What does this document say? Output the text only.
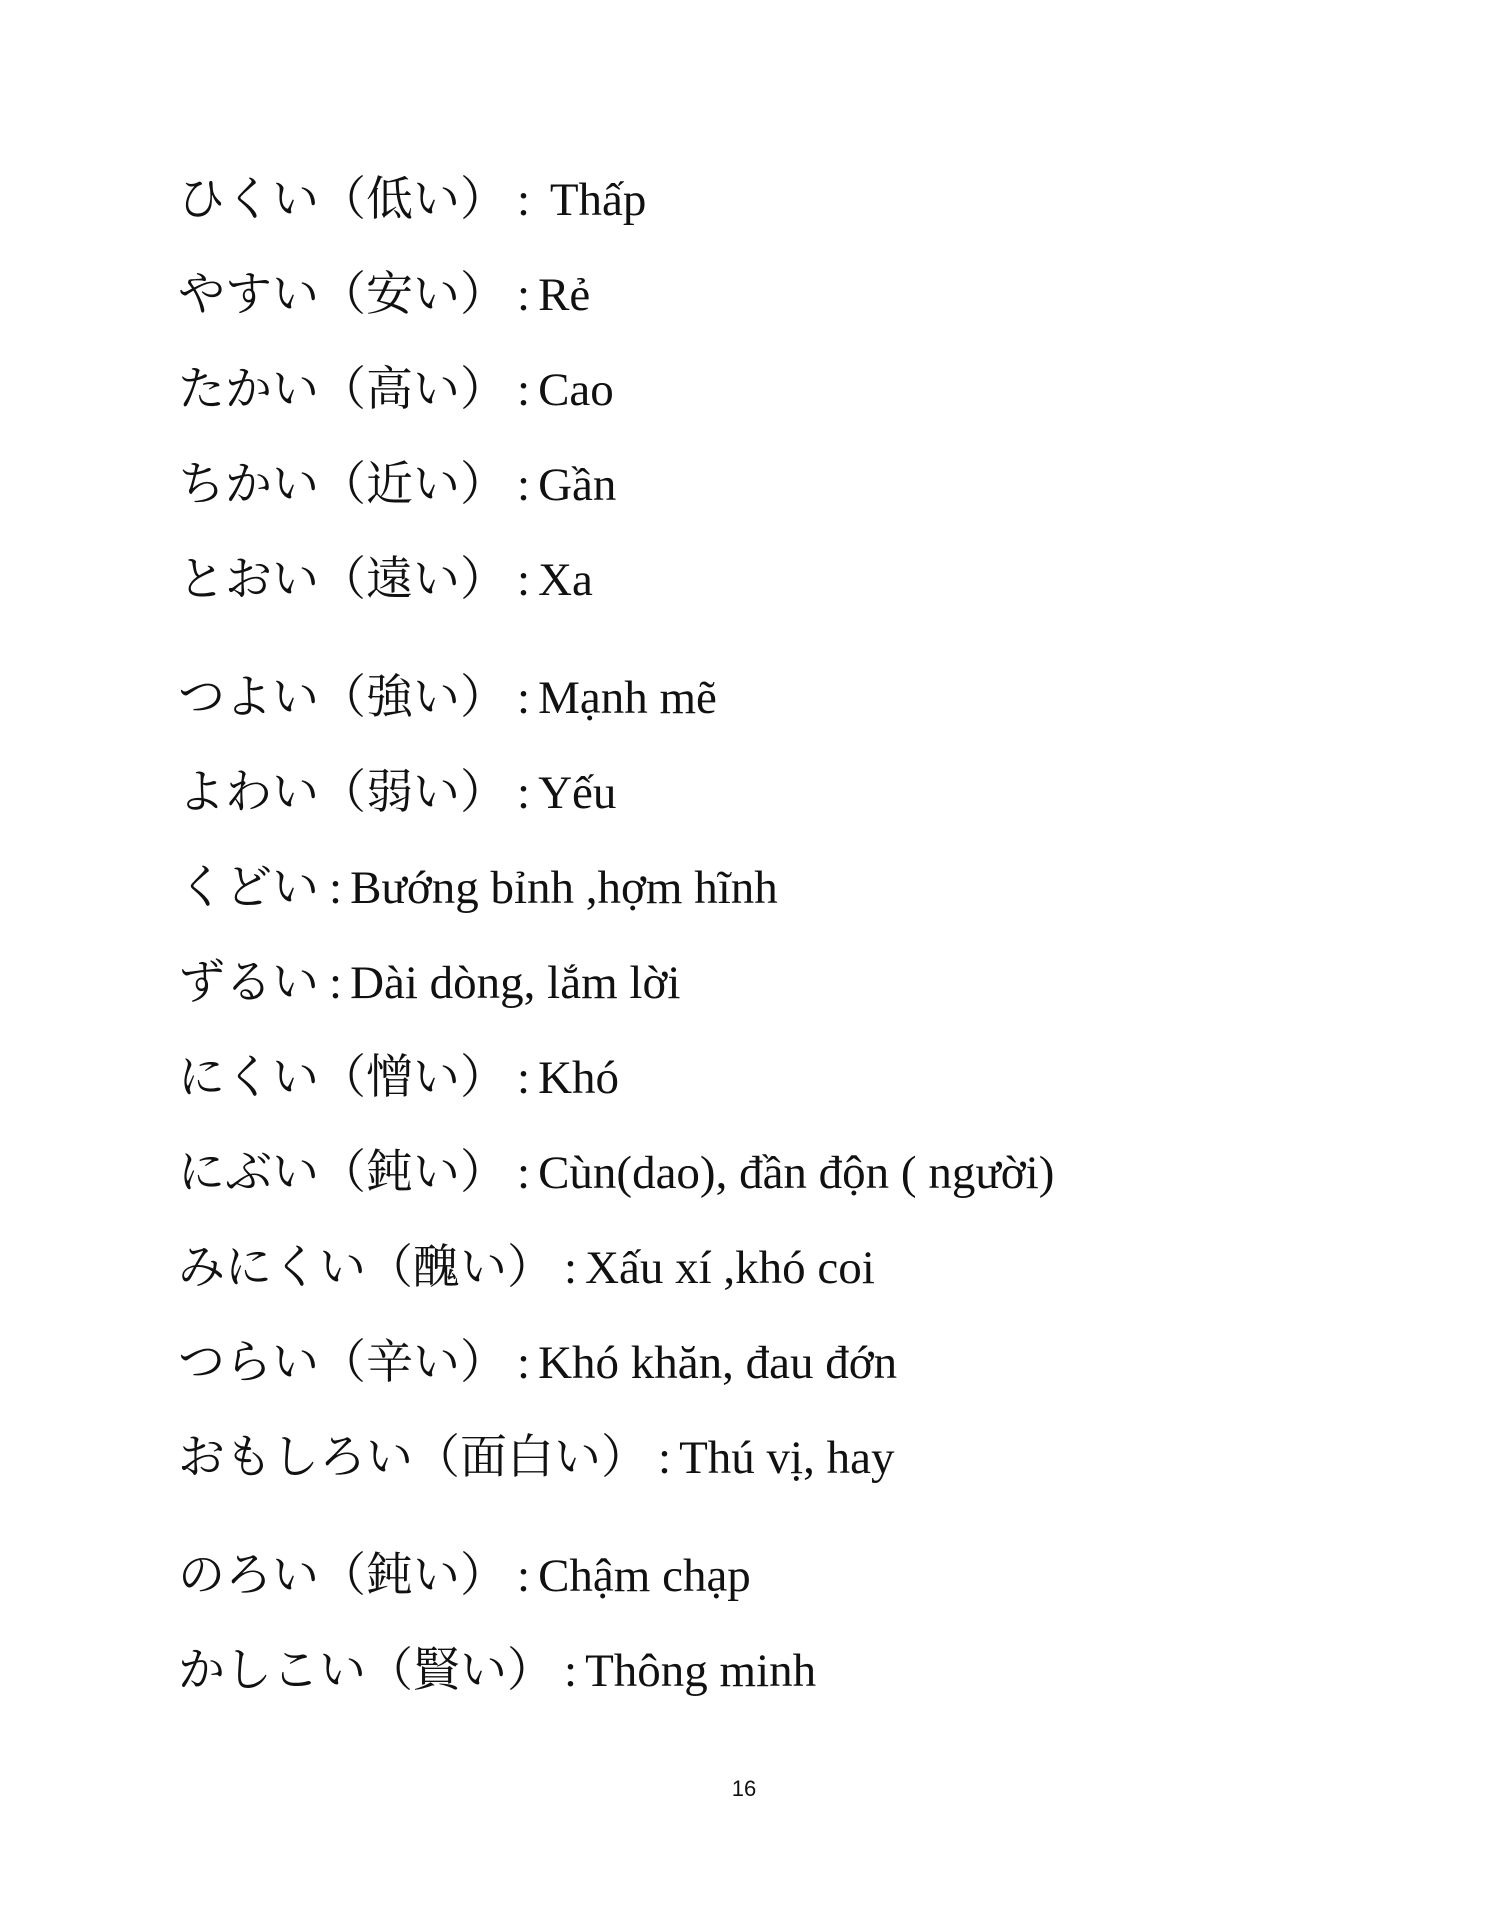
ひくい（低い） : Thấp
やすい（安い） : Rẻ
たかい（高い） : Cao
ちかい（近い） : Gần
とおい（遠い） : Xa
つよい（強い） : Mạnh mẽ
よわい（弱い） : Yếu
くどい : Bướng bỉnh ,hợm hĩnh
ずるい : Dài dòng, lắm lời
にくい（憎い） : Khó
にぶい（鈍い） : Cùn(dao), đần độn ( người)
みにくい（醜い） : Xấu xí ,khó coi
つらい（辛い） : Khó khăn, đau đớn
おもしろい（面白い） : Thú vị, hay
のろい（鈍い） : Chậm chạp
かしこい（賢い） : Thông minh
16
